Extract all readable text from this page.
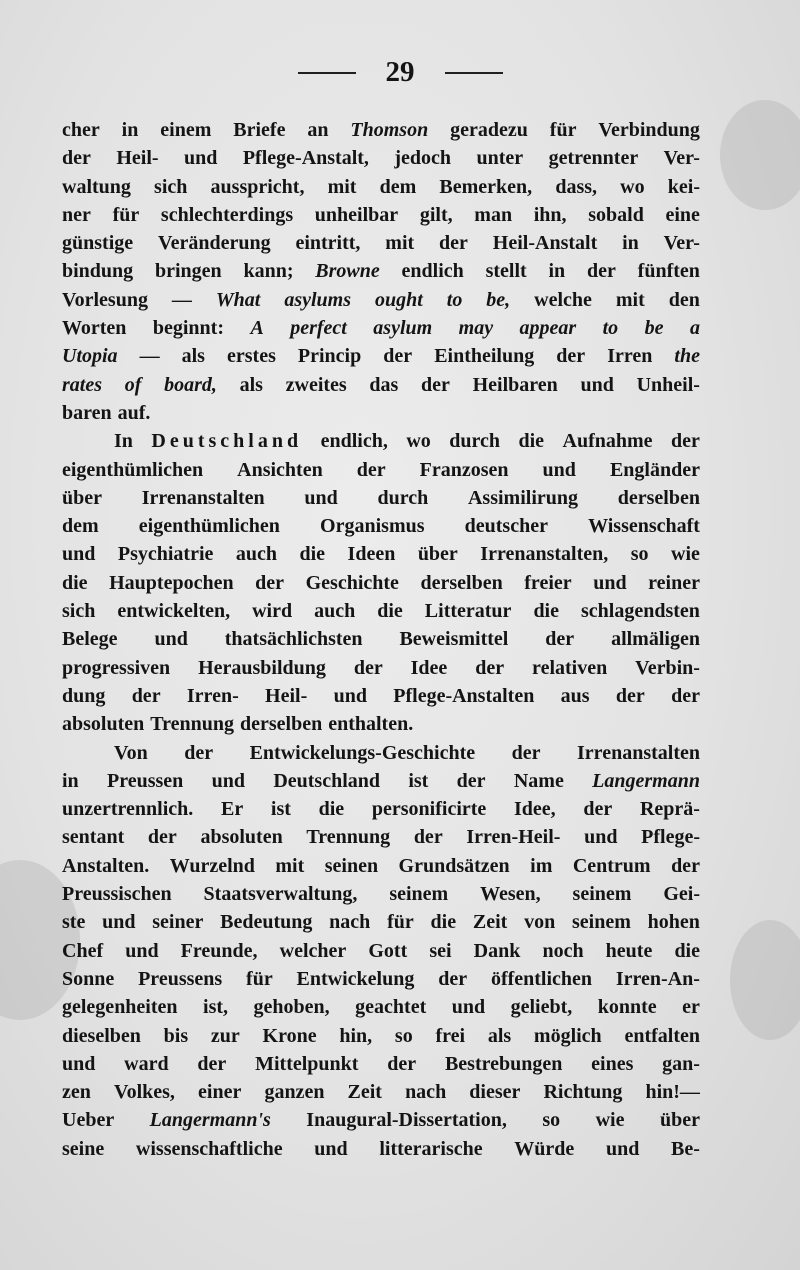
29
cher in einem Briefe an Thomson geradezu für Verbindung
der Heil- und Pflege-Anstalt, jedoch unter getrennter Ver-
waltung sich ausspricht, mit dem Bemerken, dass, wo kei-
ner für schlechterdings unheilbar gilt, man ihn, sobald eine
günstige Veränderung eintritt, mit der Heil-Anstalt in Ver-
bindung bringen kann; Browne endlich stellt in der fünften
Vorlesung — What asylums ought to be, welche mit den
Worten beginnt: A perfect asylum may appear to be a
Utopia — als erstes Princip der Eintheilung der Irren the
rates of board, als zweites das der Heilbaren und Unheil-
baren auf.
In Deutschland endlich, wo durch die Aufnahme der
eigenthümlichen Ansichten der Franzosen und Engländer
über Irrenanstalten und durch Assimilirung derselben
dem eigenthümlichen Organismus deutscher Wissenschaft
und Psychiatrie auch die Ideen über Irrenanstalten, so wie
die Hauptepochen der Geschichte derselben freier und reiner
sich entwickelten, wird auch die Litteratur die schlagendsten
Belege und thatsächlichsten Beweismittel der allmäligen
progressiven Herausbildung der Idee der relativen Verbin-
dung der Irren- Heil- und Pflege-Anstalten aus der der
absoluten Trennung derselben enthalten.
Von der Entwickelungs-Geschichte der Irrenanstalten
in Preussen und Deutschland ist der Name Langermann
unzertrennlich. Er ist die personificirte Idee, der Reprä-
sentant der absoluten Trennung der Irren-Heil- und Pflege-
Anstalten. Wurzelnd mit seinen Grundsätzen im Centrum der
Preussischen Staatsverwaltung, seinem Wesen, seinem Gei-
ste und seiner Bedeutung nach für die Zeit von seinem hohen
Chef und Freunde, welcher Gott sei Dank noch heute die
Sonne Preussens für Entwickelung der öffentlichen Irren-An-
gelegenheiten ist, gehoben, geachtet und geliebt, konnte er
dieselben bis zur Krone hin, so frei als möglich entfalten
und ward der Mittelpunkt der Bestrebungen eines gan-
zen Volkes, einer ganzen Zeit nach dieser Richtung hin!—
Ueber Langermann's Inaugural-Dissertation, so wie über
seine wissenschaftliche und litterarische Würde und Be-
